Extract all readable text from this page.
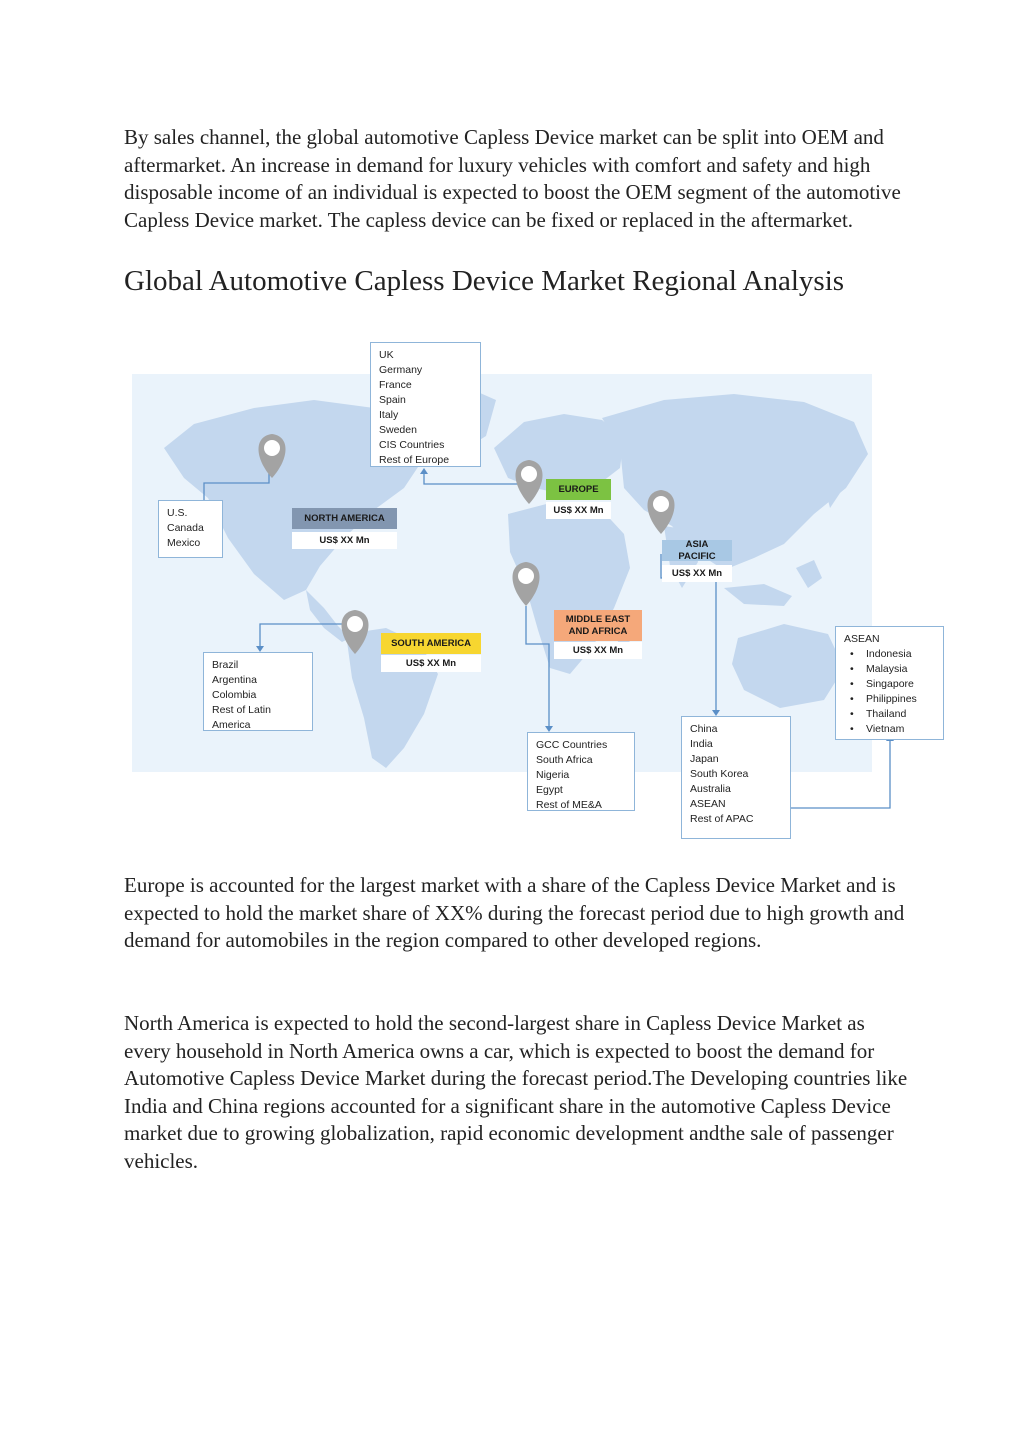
By sales channel, the global automotive Capless Device market can be split into OEM and aftermarket. An increase in demand for luxury vehicles with comfort and safety and high disposable income of an individual is expected to boost the OEM segment of the automotive Capless Device market. The capless device can be fixed or replaced in the aftermarket.

Global Automotive Capless Device Market Regional Analysis
UK
Germany
France
Spain
Italy
Sweden
CIS Countries
Rest of Europe
U.S.
Canada
Mexico
NORTH AMERICA
US$ XX Mn
EUROPE
US$ XX Mn
ASIA PACIFIC
US$ XX Mn
MIDDLE EAST
AND AFRICA
US$ XX Mn
SOUTH AMERICA
US$ XX Mn
Brazil
Argentina
Colombia
Rest of Latin
America
GCC Countries
South Africa
Nigeria
Egypt
Rest of ME&A
China
India
Japan
South Korea
Australia
ASEAN
Rest of APAC
ASEAN
• Indonesia
• Malaysia
• Singapore
• Philippines
• Thailand
• Vietnam

Europe is accounted for the largest market with a share of the Capless Device Market and is expected to hold the market share of XX% during the forecast period due to high growth and demand for automobiles in the region compared to other developed regions.

North America is expected to hold the second-largest share in Capless Device Market as every household in North America owns a car, which is expected to boost the demand for Automotive Capless Device Market during the forecast period.The Developing countries like India and China regions accounted for a significant share in the automotive Capless Device market due to growing globalization, rapid economic development andthe sale of passenger vehicles.
